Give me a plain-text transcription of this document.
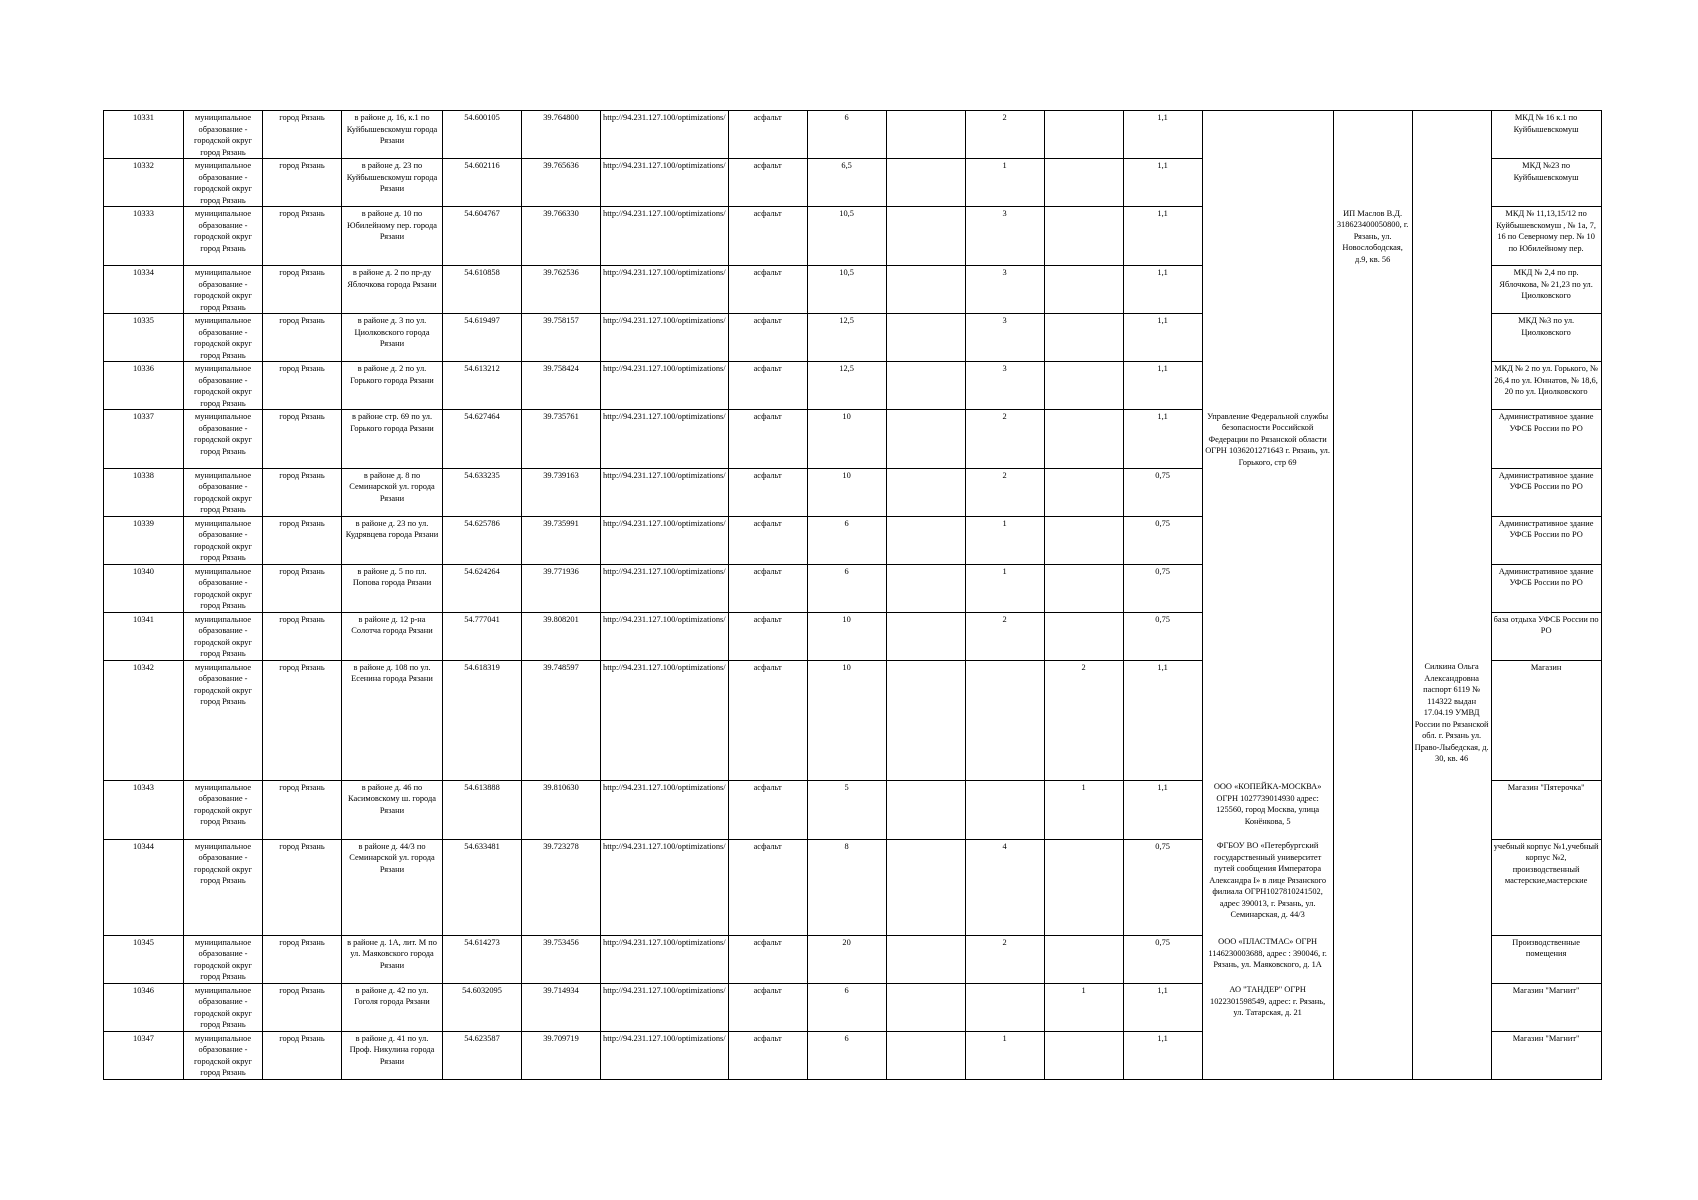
10331	муниципальное образование - городской округ город Рязань	город Рязань	в районе д. 16, к.1 по Куйбышевскомуш города Рязани	54.600105	39.764800	http://94.231.127.100/optimizations/	асфальт	6		2		1,1				МКД № 16 к.1 по Куйбышевскомуш
10332	муниципальное образование - городской округ город Рязань	город Рязань	в районе д. 23 по Куйбышевскомуш города Рязани	54.602116	39.765636	http://94.231.127.100/optimizations/	асфальт	6,5		1		1,1				МКД №23 по Куйбышевскомуш
10333	муниципальное образование - городской округ город Рязань	город Рязань	в районе д. 10 по Юбилейному пер. города Рязани	54.604767	39.766330	http://94.231.127.100/optimizations/	асфальт	10,5		3		1,1		ИП Маслов В.Д. 318623400050800, г. Рязань, ул. Новослободская, д.9, кв. 56		МКД № 11,13,15/12 по Куйбышевскомуш , № 1а, 7, 16 по Северному пер. № 10 по Юбилейному пер.
10334	муниципальное образование - городской округ город Рязань	город Рязань	в районе д. 2 по пр-ду Яблочкова города Рязани	54.610858	39.762536	http://94.231.127.100/optimizations/	асфальт	10,5		3		1,1				МКД № 2,4 по пр. Яблочкова, № 21,23 по ул. Циолковского
10335	муниципальное образование - городской округ город Рязань	город Рязань	в районе д. 3 по ул. Циолковского города Рязани	54.619497	39.758157	http://94.231.127.100/optimizations/	асфальт	12,5		3		1,1				МКД №3 по ул. Циолковского
10336	муниципальное образование - городской округ город Рязань	город Рязань	в районе д. 2 по ул. Горького города Рязани	54.613212	39.758424	http://94.231.127.100/optimizations/	асфальт	12,5		3		1,1				МКД № 2 по ул. Горького, № 26,4 по ул. Юннатов, № 18,6, 20 по ул. Циолковского
10337	муниципальное образование - городской округ город Рязань	город Рязань	в районе стр. 69 по ул. Горького города Рязани	54.627464	39.735761	http://94.231.127.100/optimizations/	асфальт	10		2		1,1	Управление Федеральной службы безопасности Российской Федерации по Рязанской области ОГРН 1036201271643 г. Рязань, ул. Горького, стр 69			Административное здание УФСБ России по РО
10338	муниципальное образование - городской округ город Рязань	город Рязань	в районе д. 8 по Семинарской ул. города Рязани	54.633235	39.739163	http://94.231.127.100/optimizations/	асфальт	10		2		0,75				Административное здание УФСБ России по РО
10339	муниципальное образование - городской округ город Рязань	город Рязань	в районе д. 23 по ул. Кудрявцева города Рязани	54.625786	39.735991	http://94.231.127.100/optimizations/	асфальт	6		1		0,75				Административное здание УФСБ России по РО
10340	муниципальное образование - городской округ город Рязань	город Рязань	в районе д. 5 по пл. Попова города Рязани	54.624264	39.771936	http://94.231.127.100/optimizations/	асфальт	6		1		0,75				Административное здание УФСБ России по РО
10341	муниципальное образование - городской округ город Рязань	город Рязань	в районе д. 12 р-на Солотча города Рязани	54.777041	39.808201	http://94.231.127.100/optimizations/	асфальт	10		2		0,75				база отдыха УФСБ России по РО
10342	муниципальное образование - городской округ город Рязань	город Рязань	в районе д. 108 по ул. Есенина города Рязани	54.618319	39.748597	http://94.231.127.100/optimizations/	асфальт	10			2	1,1			Силкина Ольга Александровна паспорт 6119 № 114322 выдан 17.04.19 УМВД России по Рязанской обл. г. Рязань ул. Право-Лыбедская, д. 30, кв. 46	Магазин
10343	муниципальное образование - городской округ город Рязань	город Рязань	в районе д. 46 по Касимовскому ш. города Рязани	54.613888	39.810630	http://94.231.127.100/optimizations/	асфальт	5			1	1,1	ООО «КОПЕЙКА-МОСКВА» ОГРН 1027739014930 адрес: 125560, город Москва, улица Конёнкова, 5			Магазин "Пятерочка"
10344	муниципальное образование - городской округ город Рязань	город Рязань	в районе д. 44/3 по Семинарской ул. города Рязани	54.633481	39.723278	http://94.231.127.100/optimizations/	асфальт	8		4		0,75	ФГБОУ ВО «Петербургский государственный университет путей сообщения Императора Александра I» в лице Рязанского филиала ОГРН1027810241502, адрес 390013, г. Рязань, ул. Семинарская, д. 44/3			учебный корпус №1,учебный корпус №2, производственный мастерские,мастерские
10345	муниципальное образование - городской округ город Рязань	город Рязань	в районе д. 1А, лит. М по ул. Маяковского города Рязани	54.614273	39.753456	http://94.231.127.100/optimizations/	асфальт	20		2		0,75	ООО «ПЛАСТМАС» ОГРН 1146230003688, адрес : 390046, г. Рязань, ул. Маяковского, д. 1А			Производственные помещения
10346	муниципальное образование - городской округ город Рязань	город Рязань	в районе д. 42 по ул. Гоголя города Рязани	54.6032095	39.714934	http://94.231.127.100/optimizations/	асфальт	6			1	1,1	АО "ТАНДЕР" ОГРН 1022301598549, адрес: г. Рязань, ул. Татарская, д. 21			Магазин "Магнит"
10347	муниципальное образование - городской округ город Рязань	город Рязань	в районе д. 41 по ул. Проф. Никулина города Рязани	54.623587	39.709719	http://94.231.127.100/optimizations/	асфальт	6		1		1,1				Магазин "Магнит"
